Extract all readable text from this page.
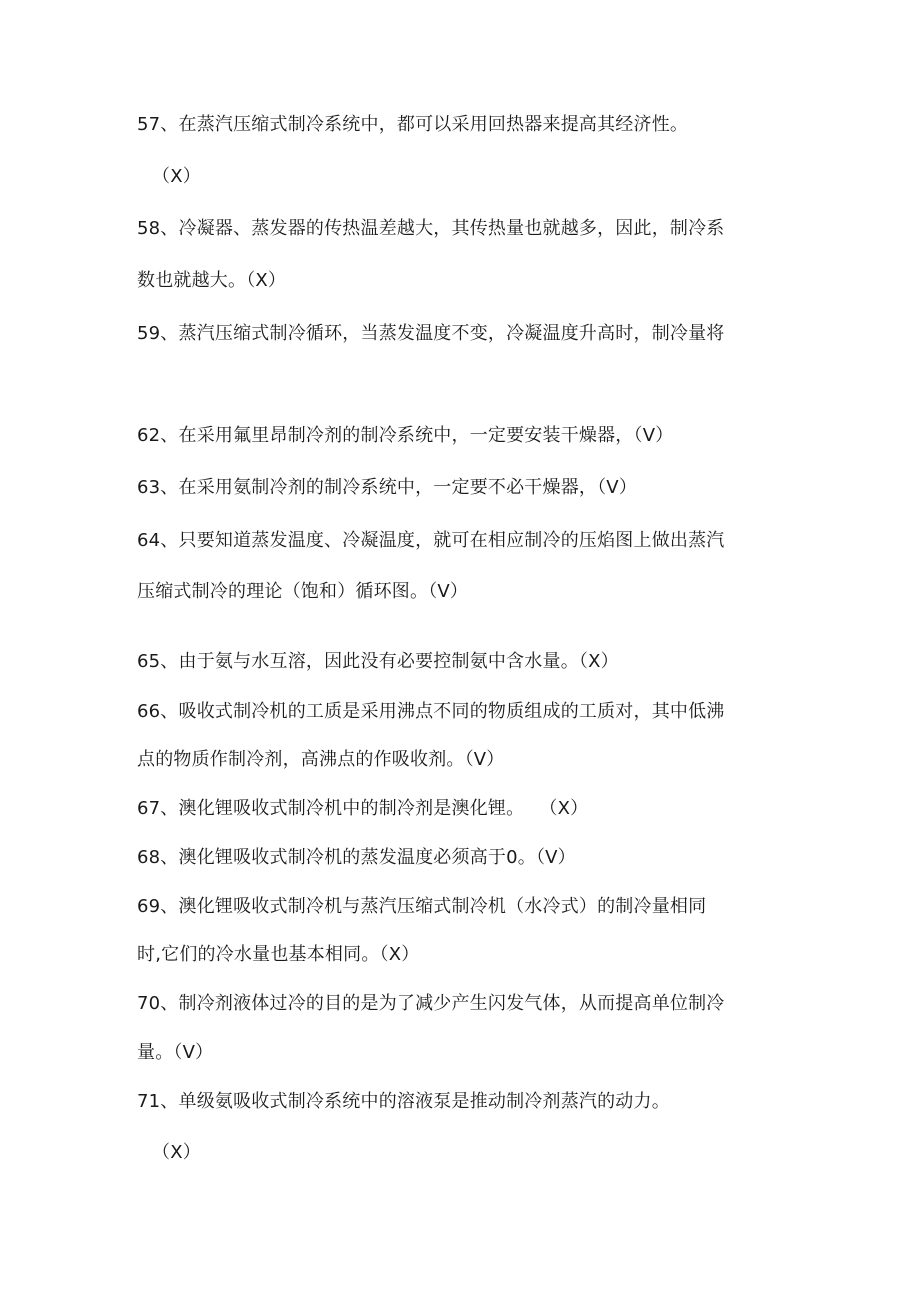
57、在蒸汽压缩式制冷系统中，都可以采用回热器来提高其经济性。
（X）
58、冷凝器、蒸发器的传热温差越大，其传热量也就越多，因此，制冷系
数也就越大。（X）
59、蒸汽压缩式制冷循环，当蒸发温度不变，冷凝温度升高时，制冷量将
62、在采用氟里昂制冷剂的制冷系统中，一定要安装干燥器，（V）
63、在采用氨制冷剂的制冷系统中，一定要不必干燥器，（V）
64、只要知道蒸发温度、冷凝温度，就可在相应制冷的压焰图上做出蒸汽
压缩式制冷的理论（饱和）循环图。（V）
65、由于氨与水互溶，因此没有必要控制氨中含水量。（X）
66、吸收式制冷机的工质是采用沸点不同的物质组成的工质对，其中低沸
点的物质作制冷剂，高沸点的作吸收剂。（V）
67、澳化锂吸收式制冷机中的制冷剂是澳化锂。　 （X）
68、澳化锂吸收式制冷机的蒸发温度必须高于0。（V）
69、澳化锂吸收式制冷机与蒸汽压缩式制冷机（水冷式）的制冷量相同
时,它们的冷水量也基本相同。（X）
70、制冷剂液体过冷的目的是为了减少产生闪发气体，从而提高单位制冷
量。（V）
71、单级氨吸收式制冷系统中的溶液泵是推动制冷剂蒸汽的动力。
（X）
